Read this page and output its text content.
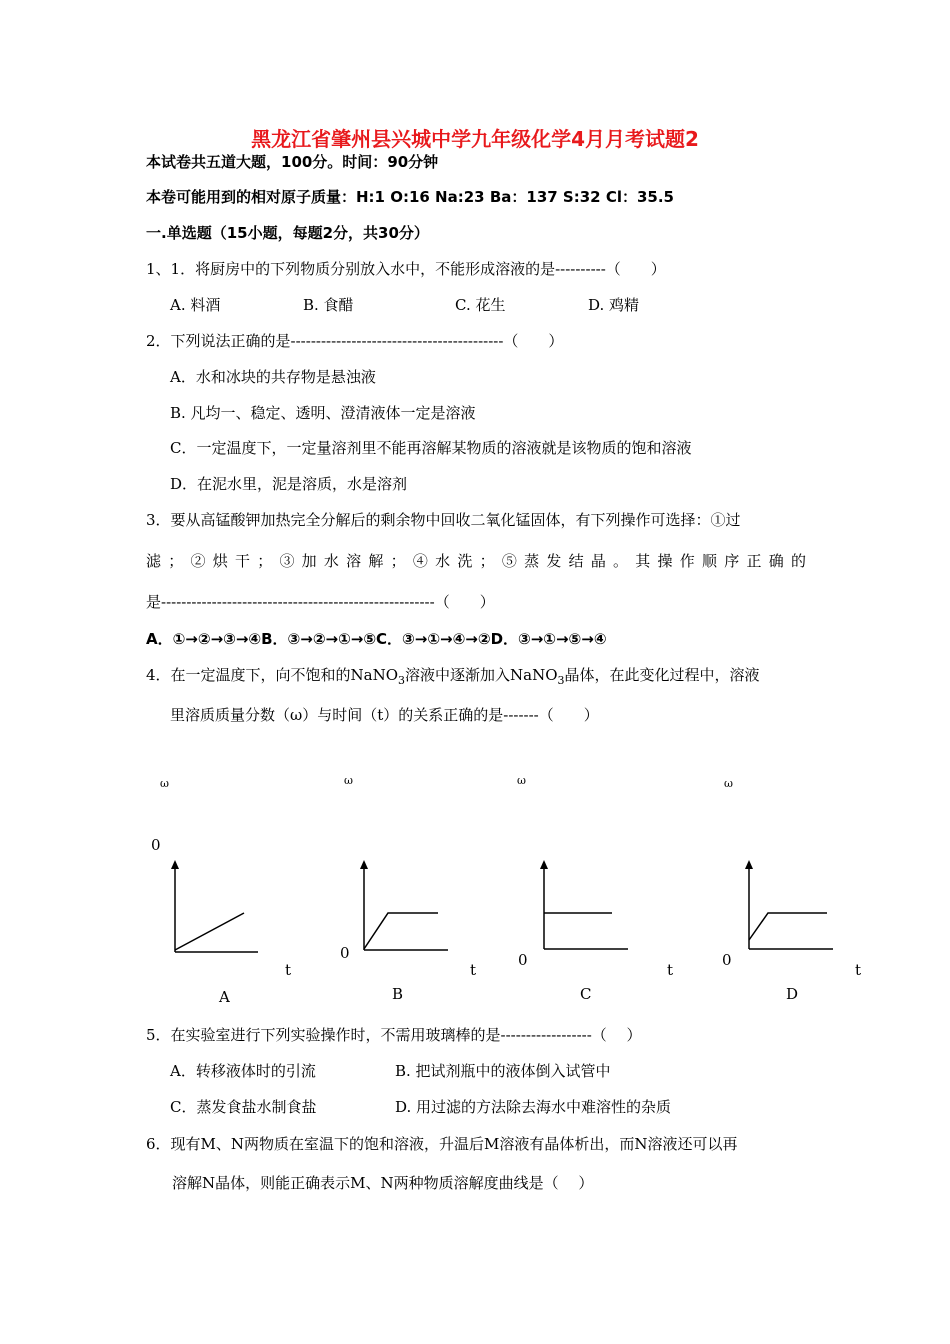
黑龙江省肇州县兴城中学九年级化学4月月考试题2
本试卷共五道大题，100分。时间：90分钟
本卷可能用到的相对原子质量：H:1 O:16 Na:23 Ba：137 S:32 Cl：35.5
一.单选题（15小题，每题2分，共30分）
1、1．将厨房中的下列物质分别放入水中，不能形成溶液的是----------（　　）
A. 料酒	B. 食醋	C. 花生	D. 鸡精
2．下列说法正确的是------------------------------------------（　　）
A．水和冰块的共存物是悬浊液
B. 凡均一、稳定、透明、澄清液体一定是溶液
C．一定温度下，一定量溶剂里不能再溶解某物质的溶液就是该物质的饱和溶液
D．在泥水里，泥是溶质，水是溶剂
3．要从高锰酸钾加热完全分解后的剩余物中回收二氧化锰固体，有下列操作可选择：①过
滤；②烘干；③加水溶解；④水洗；⑤蒸发结晶。其操作顺序正确的
是------------------------------------------------------（　　）
A．①→②→③→④B．③→②→①→⑤C．③→①→④→②D．③→①→⑤→④
4．在一定温度下，向不饱和的NaNO$_3$溶液中逐渐加入NaNO$_3$晶体，在此变化过程中，溶液
里溶质质量分数（ω）与时间（t）的关系正确的是-------（　　）
ω	ω	ω	ω
0
0	0	0
t	t	t	t
A	B	C	D
5．在实验室进行下列实验操作时，不需用玻璃棒的是------------------（　 ）
A．转移液体时的引流	B. 把试剂瓶中的液体倒入试管中
C．蒸发食盐水制食盐	D. 用过滤的方法除去海水中难溶性的杂质
6．现有M、N两物质在室温下的饱和溶液，升温后M溶液有晶体析出，而N溶液还可以再
溶解N晶体，则能正确表示M、N两种物质溶解度曲线是（　 ）
